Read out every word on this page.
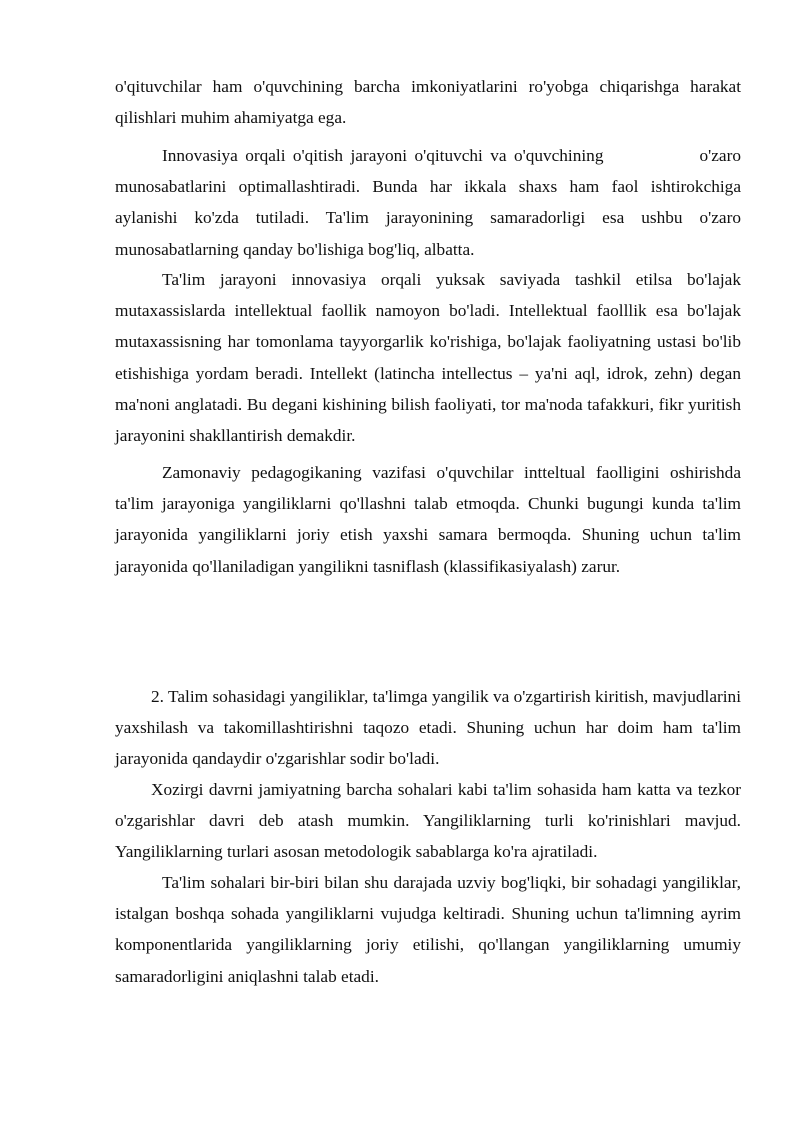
o'qituvchilar ham o'quvchining barcha imkoniyatlarini ro'yobga chiqarishga harakat qilishlari muhim ahamiyatga ega.

Innovasiya orqali o'qitish jarayoni o'qituvchi va o'quvchining             o'zaro munosabatlarini optimallashtiradi. Bunda har ikkala shaxs ham faol ishtirokchiga aylanishi ko'zda tutiladi. Ta'lim jarayonining samaradorligi esa ushbu o'zaro munosabatlarning qanday bo'lishiga bog'liq, albatta.

Ta'lim jarayoni innovasiya orqali yuksak saviyada tashkil etilsa bo'lajak mutaxassislarda intellektual faollik namoyon bo'ladi. Intellektual faolllik esa bo'lajak mutaxassisning har tomonlama tayyorgarlik ko'rishiga, bo'lajak faoliyatning ustasi bo'lib etishishiga yordam beradi. Intellekt (latincha intellectus – ya'ni aql, idrok, zehn) degan ma'noni anglatadi. Bu degani kishining bilish faoliyati, tor ma'noda tafakkuri, fikr yuritish jarayonini shakllantirish demakdir.

Zamonaviy pedagogikaning vazifasi o'quvchilar intteltual faolligini oshirishda ta'lim jarayoniga yangiliklarni qo'llashni talab etmoqda. Chunki bugungi kunda ta'lim jarayonida yangiliklarni joriy etish yaxshi samara bermoqda. Shuning uchun ta'lim jarayonida qo'llaniladigan yangilikni tasniflash (klassifikasiyalash) zarur.

2. Talim sohasidagi yangiliklar, ta'limga yangilik va o'zgartirish kiritish, mavjudlarini yaxshilash va takomillashtirishni taqozo etadi. Shuning uchun har doim ham ta'lim jarayonida qandaydir o'zgarishlar sodir bo'ladi.

Xozirgi davrni jamiyatning barcha sohalari kabi ta'lim sohasida ham katta va tezkor o'zgarishlar davri deb atash mumkin. Yangiliklarning turli ko'rinishlari mavjud. Yangiliklarning turlari asosan metodologik sabablarga ko'ra ajratiladi.

Ta'lim sohalari bir-biri bilan shu darajada uzviy bog'liqki, bir sohadagi yangiliklar, istalgan boshqa sohada yangiliklarni vujudga keltiradi. Shuning uchun ta'limning ayrim komponentlarida yangiliklarning joriy etilishi, qo'llangan yangiliklarning umumiy samaradorligini aniqlashni talab etadi.
